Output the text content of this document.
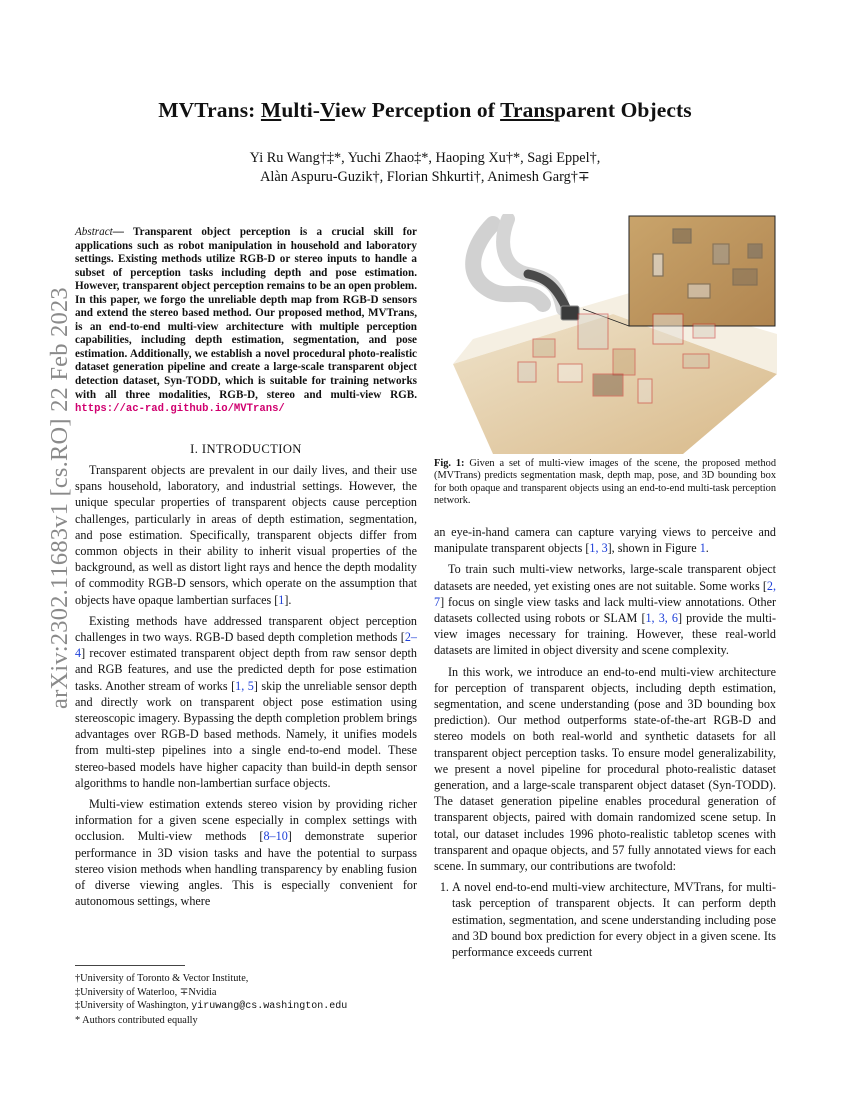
arXiv:2302.11683v1 [cs.RO] 22 Feb 2023
MVTrans: Multi-View Perception of Transparent Objects
Yi Ru Wang†‡*, Yuchi Zhao‡*, Haoping Xu†*, Sagi Eppel†,
Alàn Aspuru-Guzik†, Florian Shkurti†, Animesh Garg†∓
Abstract— Transparent object perception is a crucial skill for applications such as robot manipulation in household and laboratory settings. Existing methods utilize RGB-D or stereo inputs to handle a subset of perception tasks including depth and pose estimation. However, transparent object perception remains to be an open problem. In this paper, we forgo the unreliable depth map from RGB-D sensors and extend the stereo based method. Our proposed method, MVTrans, is an end-to-end multi-view architecture with multiple perception capabilities, including depth estimation, segmentation, and pose estimation. Additionally, we establish a novel procedural photo-realistic dataset generation pipeline and create a large-scale transparent object detection dataset, Syn-TODD, which is suitable for training networks with all three modalities, RGB-D, stereo and multi-view RGB. https://ac-rad.github.io/MVTrans/
I. INTRODUCTION

Transparent objects are prevalent in our daily lives, and their use spans household, laboratory, and industrial settings. However, the unique specular properties of transparent objects cause perception challenges, particularly in areas of depth estimation, segmentation, and pose estimation. Specifically, transparent objects differ from common objects in their ability to inherit visual properties of the background, as well as distort light rays and hence the depth modality of commodity RGB-D sensors, which operate on the assumption that objects have opaque lambertian surfaces [1].

Existing methods have addressed transparent object perception challenges in two ways. RGB-D based depth completion methods [2–4] recover estimated transparent object depth from raw sensor depth and RGB features, and use the predicted depth for pose estimation tasks. Another stream of works [1, 5] skip the unreliable sensor depth and directly work on transparent object pose estimation using stereoscopic imagery. Bypassing the depth completion problem brings advantages over RGB-D based methods. Namely, it unifies models from multi-step pipelines into a single end-to-end model. These stereo-based models have higher capacity than build-in depth sensor algorithms to handle non-lambertian surface objects.

Multi-view estimation extends stereo vision by providing richer information for a given scene especially in complex settings with occlusion. Multi-view methods [8–10] demonstrate superior performance in 3D vision tasks and have the potential to surpass stereo vision methods when handling transparency by enabling fusion of diverse viewing angles. This is especially convenient for autonomous settings, where

†University of Toronto & Vector Institute,
‡University of Waterloo, ∓Nvidia
‡University of Washington, yiruwang@cs.washington.edu
* Authors contributed equally
Fig. 1: Given a set of multi-view images of the scene, the proposed method (MVTrans) predicts segmentation mask, depth map, pose, and 3D bounding box for both opaque and transparent objects using an end-to-end multi-task perception network.

an eye-in-hand camera can capture varying views to perceive and manipulate transparent objects [1, 3], shown in Figure 1.

To train such multi-view networks, large-scale transparent object datasets are needed, yet existing ones are not suitable. Some works [2, 7] focus on single view tasks and lack multi-view annotations. Other datasets collected using robots or SLAM [1, 3, 6] provide the multi-view images necessary for training. However, these real-world datasets are limited in object diversity and scene complexity.

In this work, we introduce an end-to-end multi-view architecture for perception of transparent objects, including depth estimation, segmentation, and scene understanding (pose and 3D bounding box prediction). Our method outperforms state-of-the-art RGB-D and stereo models on both real-world and synthetic datasets for all transparent object perception tasks. To ensure model generalizability, we present a novel pipeline for procedural photo-realistic dataset generation, and a large-scale transparent object dataset (Syn-TODD). The dataset generation pipeline enables procedural generation of transparent objects, paired with domain randomized scene setup. In total, our dataset includes 1996 photo-realistic tabletop scenes with transparent and opaque objects, and 57 fully annotated views for each scene. In summary, our contributions are twofold:

1. A novel end-to-end multi-view architecture, MVTrans, for multi-task perception of transparent objects. It can perform depth estimation, segmentation, and scene understanding including pose and 3D bound box prediction for every object in a given scene. Its performance exceeds current
